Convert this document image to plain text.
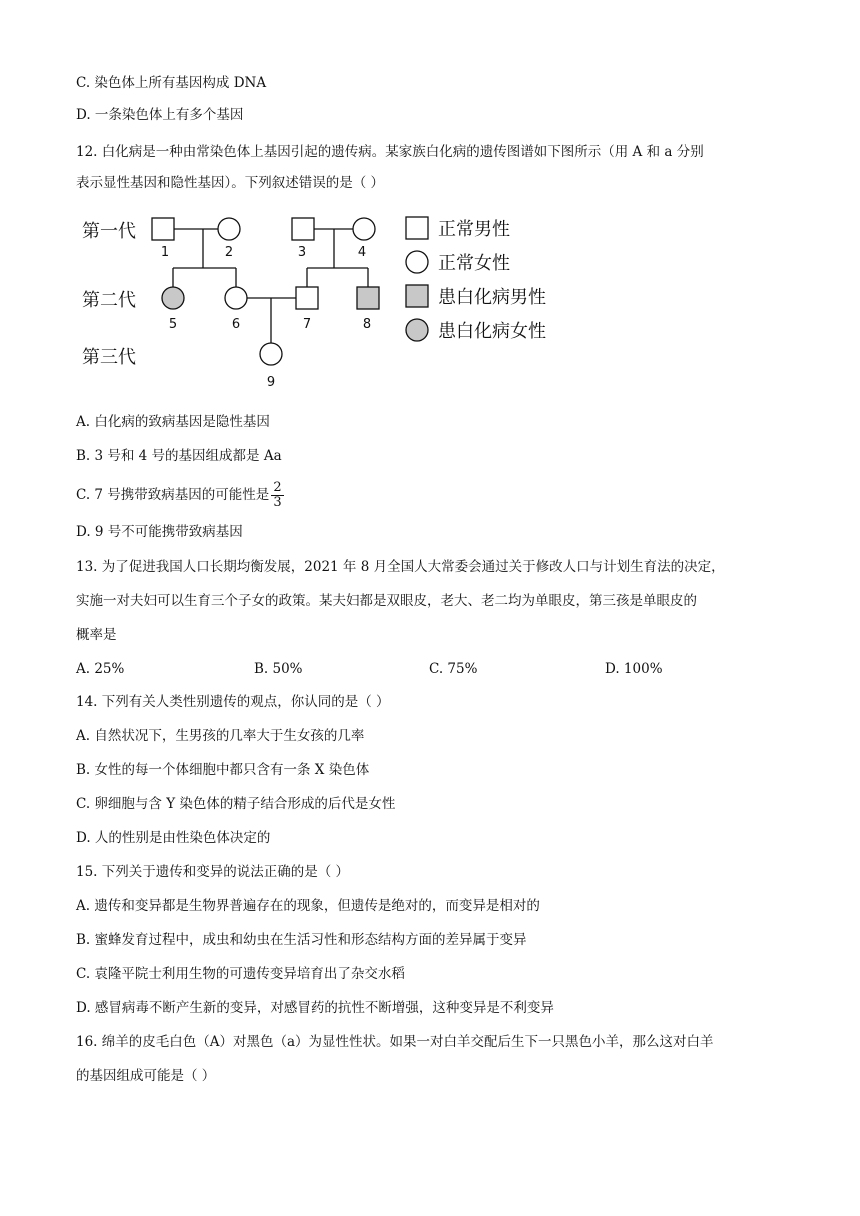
C. 染色体上所有基因构成 DNA
D. 一条染色体上有多个基因
12. 白化病是一种由常染色体上基因引起的遗传病。某家族白化病的遗传图谱如下图所示（用 A 和 a 分别
表示显性基因和隐性基因）。下列叙述错误的是（ ）
第一代
第二代
第三代
1	2	3	4
5	6	7	8
9
正常男性
正常女性
患白化病男性
患白化病女性
A. 白化病的致病基因是隐性基因
B. 3 号和 4 号的基因组成都是 Aa
C. 7 号携带致病基因的可能性是 $\frac{2}{3}$
D. 9 号不可能携带致病基因
13. 为了促进我国人口长期均衡发展，2021 年 8 月全国人大常委会通过关于修改人口与计划生育法的决定，
实施一对夫妇可以生育三个子女的政策。某夫妇都是双眼皮，老大、老二均为单眼皮，第三孩是单眼皮的
概率是
A. 25%	B. 50%	C. 75%	D. 100%
14. 下列有关人类性别遗传的观点，你认同的是（ ）
A. 自然状况下，生男孩的几率大于生女孩的几率
B. 女性的每一个体细胞中都只含有一条 X 染色体
C. 卵细胞与含 Y 染色体的精子结合形成的后代是女性
D. 人的性别是由性染色体决定的
15. 下列关于遗传和变异的说法正确的是（ ）
A. 遗传和变异都是生物界普遍存在的现象，但遗传是绝对的，而变异是相对的
B. 蜜蜂发育过程中，成虫和幼虫在生活习性和形态结构方面的差异属于变异
C. 袁隆平院士利用生物的可遗传变异培育出了杂交水稻
D. 感冒病毒不断产生新的变异，对感冒药的抗性不断增强，这种变异是不利变异
16. 绵羊的皮毛白色（A）对黑色（a）为显性性状。如果一对白羊交配后生下一只黑色小羊，那么这对白羊
的基因组成可能是（ ）
